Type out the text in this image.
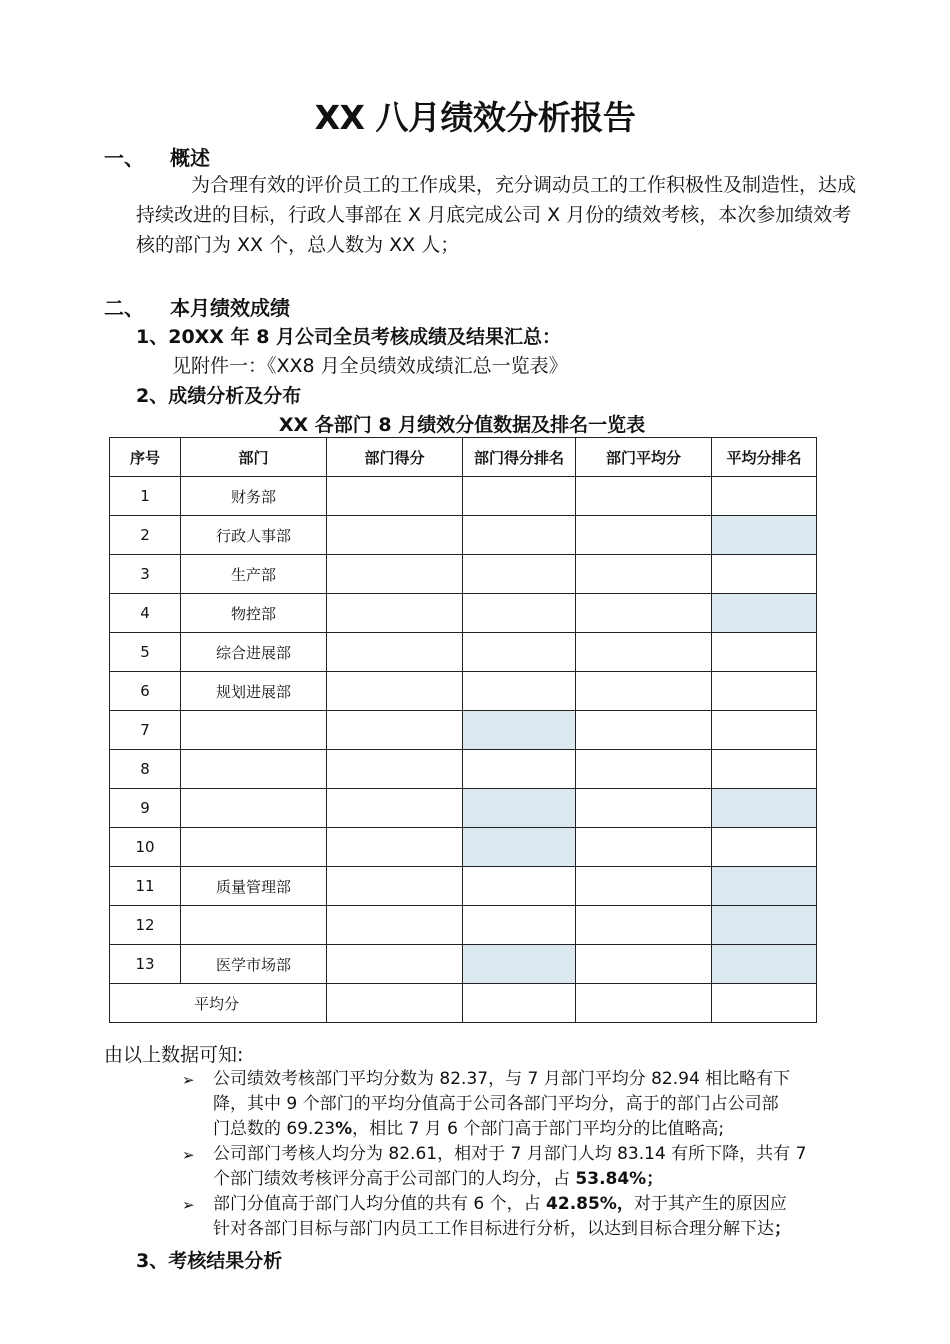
XX 八月绩效分析报告
一、 概述
为合理有效的评价员工的工作成果，充分调动员工的工作积极性及制造性，达成持续改进的目标，行政人事部在 X 月底完成公司 X 月份的绩效考核，本次参加绩效考核的部门为 XX 个，总人数为 XX 人；
二、 本月绩效成绩
1、20XX 年 8 月公司全员考核成绩及结果汇总：
见附件一：《XX8 月全员绩效成绩汇总一览表》
2、成绩分析及分布
XX 各部门 8 月绩效分值数据及排名一览表
序号	部门	部门得分	部门得分排名	部门平均分	平均分排名
1	财务部				
2	行政人事部				
3	生产部				
4	物控部				
5	综合进展部				
6	规划进展部				
7					
8					
9					
10					
11	质量管理部				
12					
13	医学市场部				
平均分					
由以上数据可知:
➢ 公司绩效考核部门平均分数为 82.37，与 7 月部门平均分 82.94 相比略有下
降，其中 9 个部门的平均分值高于公司各部门平均分，高于的部门占公司部
门总数的 69.23%，相比 7 月 6 个部门高于部门平均分的比值略高;
➢ 公司部门考核人均分为 82.61，相对于 7 月部门人均 83.14 有所下降，共有 7
个部门绩效考核评分高于公司部门的人均分，占 53.84%；
➢ 部门分值高于部门人均分值的共有 6 个，占 42.85%，对于其产生的原因应
针对各部门目标与部门内员工工作目标进行分析，以达到目标合理分解下达；
3、考核结果分析
